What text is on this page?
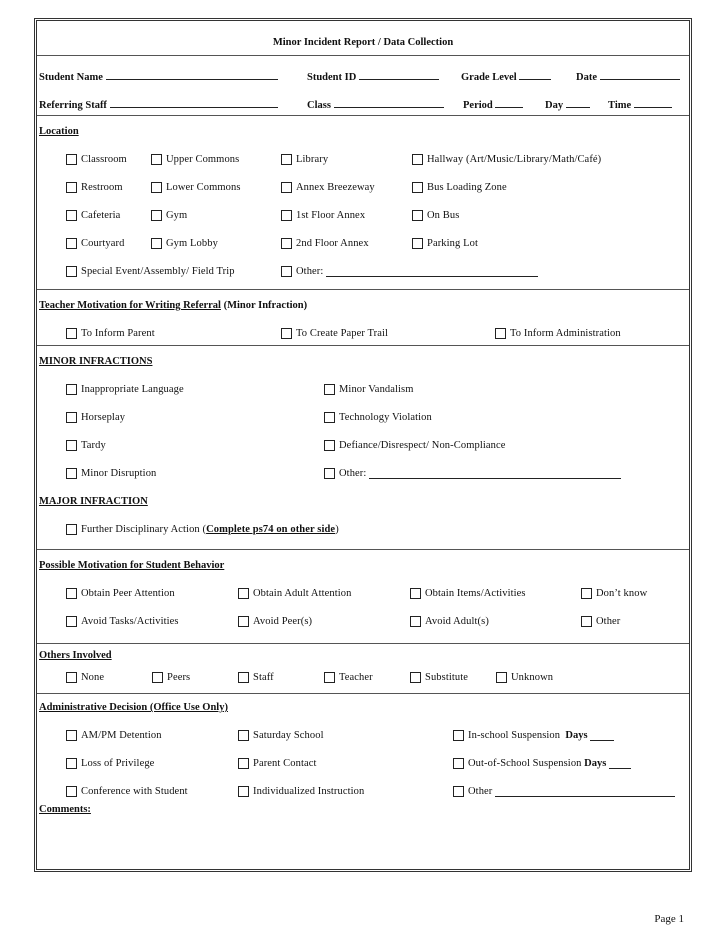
Minor Incident Report / Data Collection
Student Name	Student ID	Grade Level	Date
Referring Staff	Class	Period	Day	Time
Location
Classroom	Upper Commons	Library	Hallway (Art/Music/Library/Math/Café)
Restroom	Lower Commons	Annex Breezeway	Bus Loading Zone
Cafeteria	Gym	1st Floor Annex	On Bus
Courtyard	Gym Lobby	2nd Floor Annex	Parking Lot
Special Event/Assembly/ Field Trip	Other:

Teacher Motivation for Writing Referral (Minor Infraction)
To Inform Parent	To Create Paper Trail	To Inform Administration
MINOR INFRACTIONS
Inappropriate Language	Minor Vandalism
Horseplay	Technology Violation
Tardy	Defiance/Disrespect/ Non-Compliance
Minor Disruption	Other:

MAJOR INFRACTION
Further Disciplinary Action (Complete ps74 on other side)
Possible Motivation for Student Behavior
Obtain Peer Attention	Obtain Adult Attention	Obtain Items/Activities	Don’t know
Avoid Tasks/Activities	Avoid Peer(s)	Avoid Adult(s)	Other
Others Involved
None	Peers	Staff	Teacher	Substitute	Unknown
Administrative Decision (Office Use Only)
AM/PM Detention	Saturday School	In-school Suspension
Days

Loss of Privilege	Parent Contact	Out-of-School Suspension
Days

Conference with Student	Individualized Instruction	Other

Comments:
Page 1
